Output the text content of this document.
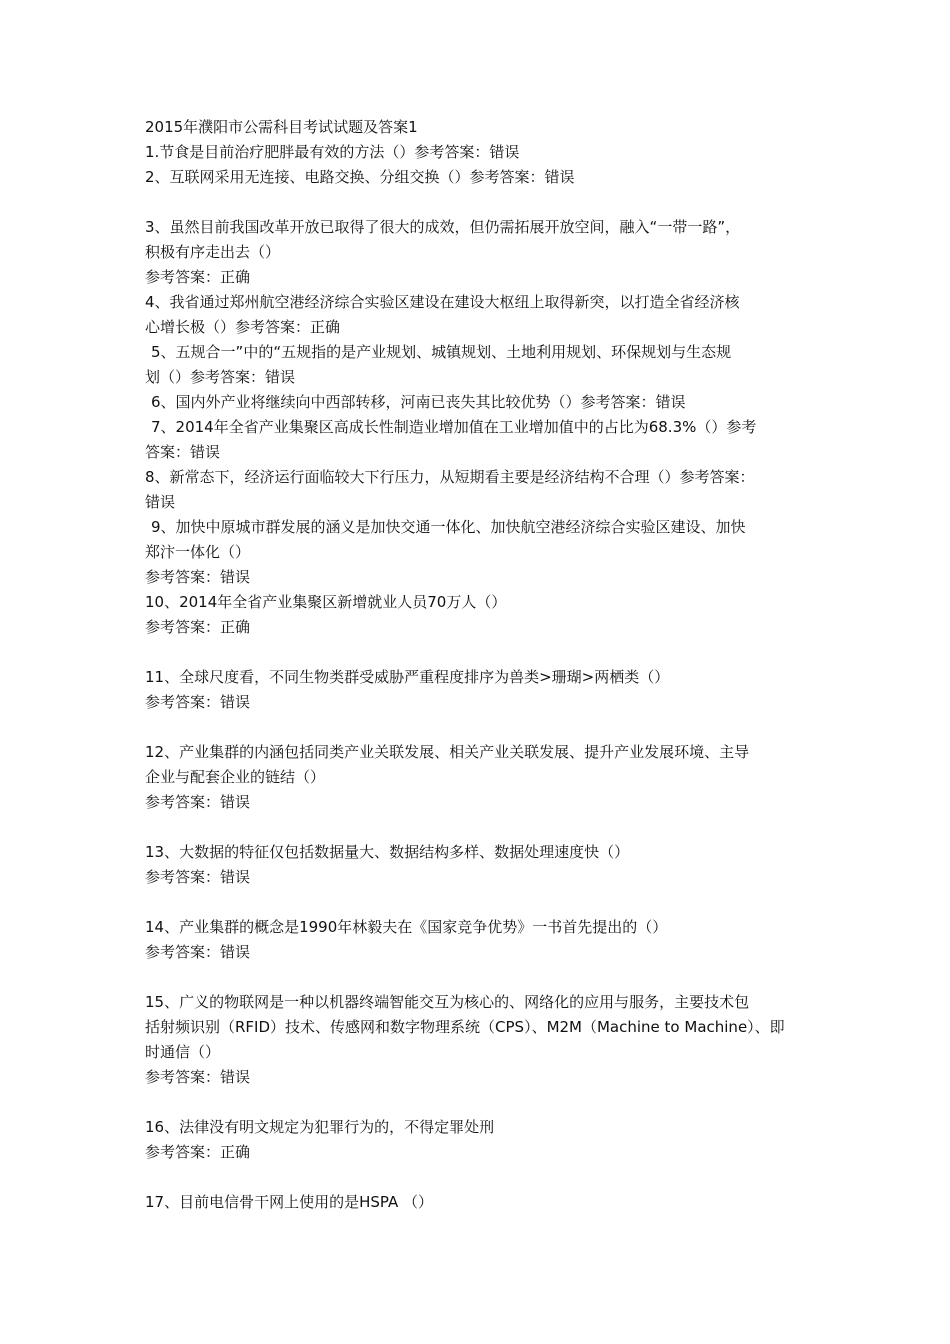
2015年濮阳市公需科目考试试题及答案1
1.节食是目前治疗肥胖最有效的方法（）参考答案：错误
2、互联网采用无连接、电路交换、分组交换（）参考答案：错误
3、虽然目前我国改革开放已取得了很大的成效，但仍需拓展开放空间，融入“一带一路”，
积极有序走出去（）
参考答案：正确
4、我省通过郑州航空港经济综合实验区建设在建设大枢纽上取得新突，以打造全省经济核
心增长极（）参考答案：正确
5、五规合一”中的“五规指的是产业规划、城镇规划、土地利用规划、环保规划与生态规
划（）参考答案：错误
6、国内外产业将继续向中西部转移，河南已丧失其比较优势（）参考答案：错误
7、2014年全省产业集聚区高成长性制造业增加值在工业增加值中的占比为68.3%（）参考
答案：错误
8、新常态下，经济运行面临较大下行压力，从短期看主要是经济结构不合理（）参考答案：
错误
9、加快中原城市群发展的涵义是加快交通一体化、加快航空港经济综合实验区建设、加快
郑汴一体化（）
参考答案：错误
10、2014年全省产业集聚区新增就业人员70万人（）
参考答案：正确
11、全球尺度看，不同生物类群受威胁严重程度排序为兽类>珊瑚>两栖类（）
参考答案：错误
12、产业集群的内涵包括同类产业关联发展、相关产业关联发展、提升产业发展环境、主导
企业与配套企业的链结（）
参考答案：错误
13、大数据的特征仅包括数据量大、数据结构多样、数据处理速度快（）
参考答案：错误
14、产业集群的概念是1990年林毅夫在《国家竞争优势》一书首先提出的（）
参考答案：错误
15、广义的物联网是一种以机器终端智能交互为核心的、网络化的应用与服务，主要技术包
括射频识别（RFID）技术、传感网和数字物理系统（CPS）、M2M（Machine to Machine）、即
时通信（）
参考答案：错误
16、法律没有明文规定为犯罪行为的，不得定罪处刑
参考答案：正确
17、目前电信骨干网上使用的是HSPA （）
